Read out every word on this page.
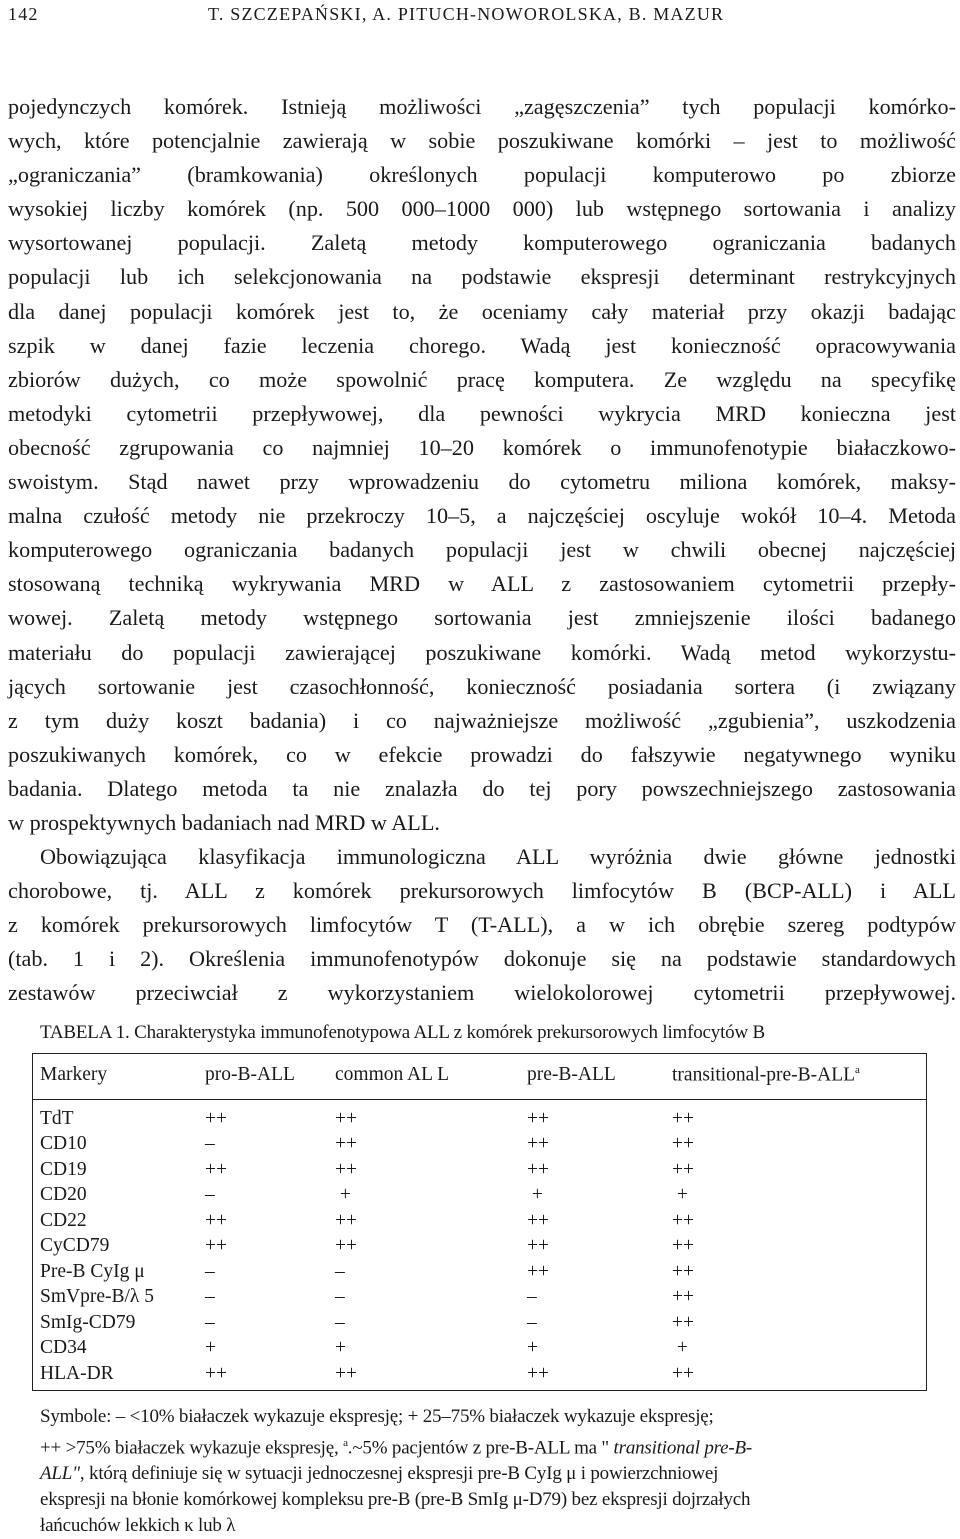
142	T. SZCZEPAŃSKI, A. PITUCH-NOWOROLSKA, B. MAZUR
pojedynczych komórek. Istnieją możliwości „zagęszczenia” tych populacji komórko-
wych, które potencjalnie zawierają w sobie poszukiwane komórki – jest to możliwość
„ograniczania” (bramkowania) określonych populacji komputerowo po zbiorze
wysokiej liczby komórek (np. 500 000–1000 000) lub wstępnego sortowania i analizy
wysortowanej populacji. Zaletą metody komputerowego ograniczania badanych
populacji lub ich selekcjonowania na podstawie ekspresji determinant restrykcyjnych
dla danej populacji komórek jest to, że oceniamy cały materiał przy okazji badając
szpik w danej fazie leczenia chorego. Wadą jest konieczność opracowywania
zbiorów dużych, co może spowolnić pracę komputera. Ze względu na specyfikę
metodyki cytometrii przepływowej, dla pewności wykrycia MRD konieczna jest
obecność zgrupowania co najmniej 10–20 komórek o immunofenotypie białaczkowo-
swoistym. Stąd nawet przy wprowadzeniu do cytometru miliona komórek, maksy-
malna czułość metody nie przekroczy 10–5, a najczęściej oscyluje wokół 10–4. Metoda
komputerowego ograniczania badanych populacji jest w chwili obecnej najczęściej
stosowaną techniką wykrywania MRD w ALL z zastosowaniem cytometrii przepły-
wowej. Zaletą metody wstępnego sortowania jest zmniejszenie ilości badanego
materiału do populacji zawierającej poszukiwane komórki. Wadą metod wykorzystu-
jących sortowanie jest czasochłonność, konieczność posiadania sortera (i związany
z tym duży koszt badania) i co najważniejsze możliwość „zgubienia”, uszkodzenia
poszukiwanych komórek, co w efekcie prowadzi do fałszywie negatywnego wyniku
badania. Dlatego metoda ta nie znalazła do tej pory powszechniejszego zastosowania
w prospektywnych badaniach nad MRD w ALL.
Obowiązująca klasyfikacja immunologiczna ALL wyróżnia dwie główne jednostki
chorobowe, tj. ALL z komórek prekursorowych limfocytów B (BCP-ALL) i ALL
z komórek prekursorowych limfocytów T (T-ALL), a w ich obrębie szereg podtypów
(tab. 1 i 2). Określenia immunofenotypów dokonuje się na podstawie standardowych
zestawów przeciwciał z wykorzystaniem wielokolorowej cytometrii przepływowej.
TABELA 1. Charakterystyka immunofenotypowa ALL z komórek prekursorowych limfocytów B
Markery	pro-B-ALL	common AL L	pre-B-ALL	transitional-pre-B-ALL$^a$

TdT	++	++	++	++
CD10	–	++	++	++
CD19	++	++	++	++
CD20	–	+	+	+
CD22	++	++	++	++
CyCD79	++	++	++	++
Pre-B CyIg μ	–	–	++	++
SmVpre-B/λ 5	–	–	–	++
SmIg-CD79	–	–	–	++
CD34	+	+	+	+
HLA-DR	++	++	++	++
Symbole: – <10% białaczek wykazuje ekspresję; + 25–75% białaczek wykazuje ekspresję;
++ >75% białaczek wykazuje ekspresję, $^a$.~5% pacjentów z pre-B-ALL ma " transitional pre-B-
ALL", którą definiuje się w sytuacji jednoczesnej ekspresji pre-B CyIg μ i powierzchniowej
ekspresji na błonie komórkowej kompleksu pre-B (pre-B SmIg μ-D79) bez ekspresji dojrzałych
łańcuchów lekkich κ lub λ
